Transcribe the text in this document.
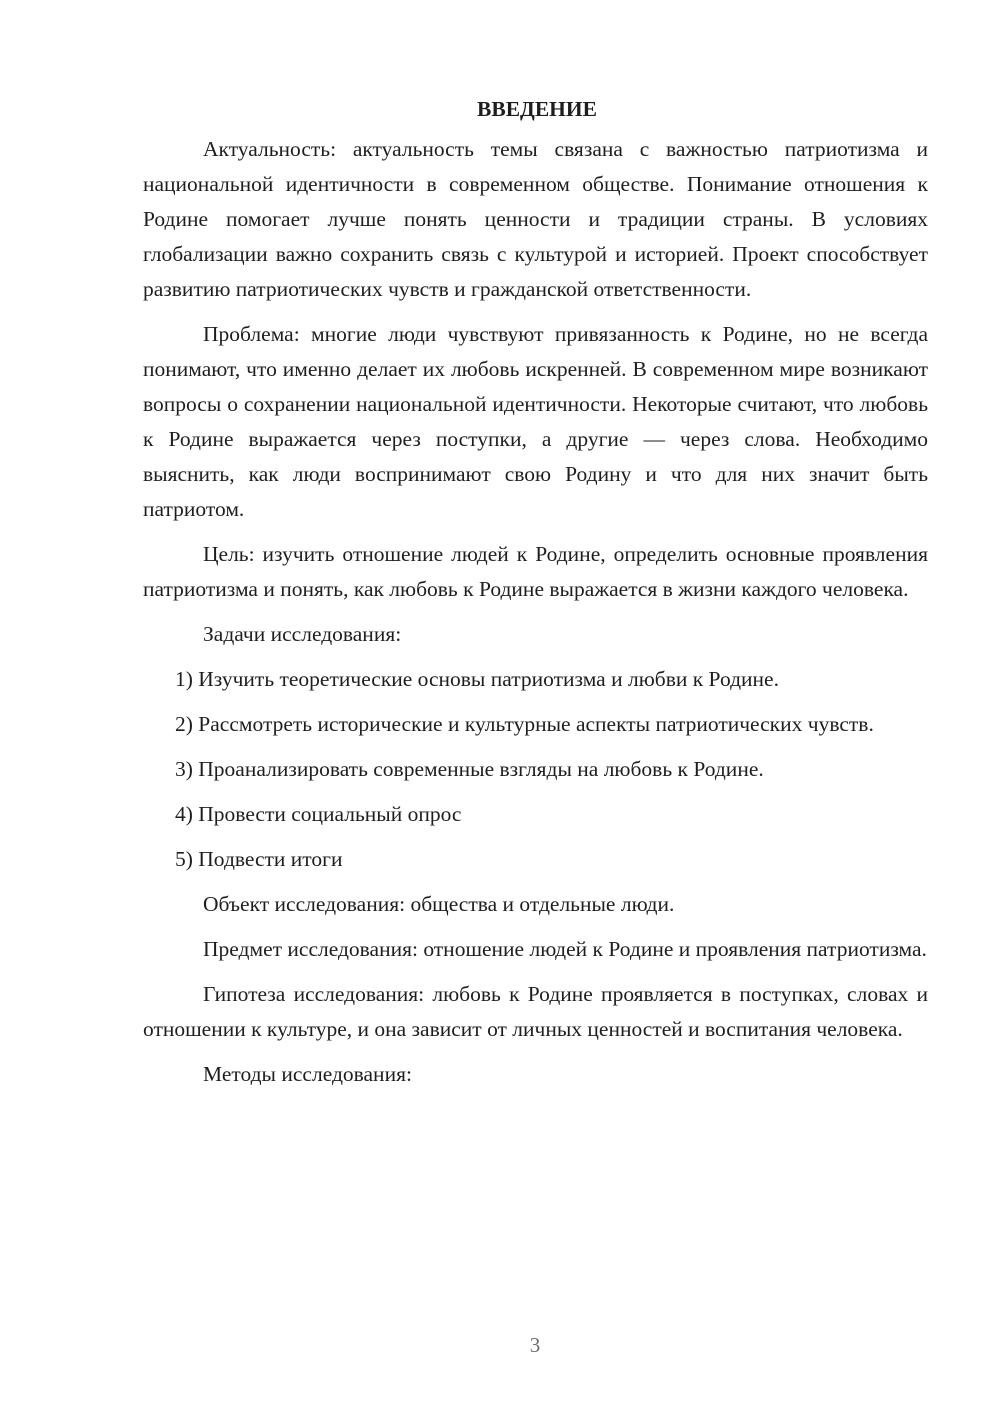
ВВЕДЕНИЕ

Актуальность: актуальность темы связана с важностью патриотизма и национальной идентичности в современном обществе. Понимание отношения к Родине помогает лучше понять ценности и традиции страны. В условиях глобализации важно сохранить связь с культурой и историей. Проект способствует развитию патриотических чувств и гражданской ответственности.

Проблема: многие люди чувствуют привязанность к Родине, но не всегда понимают, что именно делает их любовь искренней. В современном мире возникают вопросы о сохранении национальной идентичности. Некоторые считают, что любовь к Родине выражается через поступки, а другие — через слова. Необходимо выяснить, как люди воспринимают свою Родину и что для них значит быть патриотом.

Цель: изучить отношение людей к Родине, определить основные проявления патриотизма и понять, как любовь к Родине выражается в жизни каждого человека.

Задачи исследования:

1) Изучить теоретические основы патриотизма и любви к Родине.

2) Рассмотреть исторические и культурные аспекты патриотических чувств.

3) Проанализировать современные взгляды на любовь к Родине.

4) Провести социальный опрос

5) Подвести итоги

Объект исследования: общества и отдельные люди.

Предмет исследования: отношение людей к Родине и проявления патриотизма.

Гипотеза исследования: любовь к Родине проявляется в поступках, словах и отношении к культуре, и она зависит от личных ценностей и воспитания человека.

Методы исследования:

3
